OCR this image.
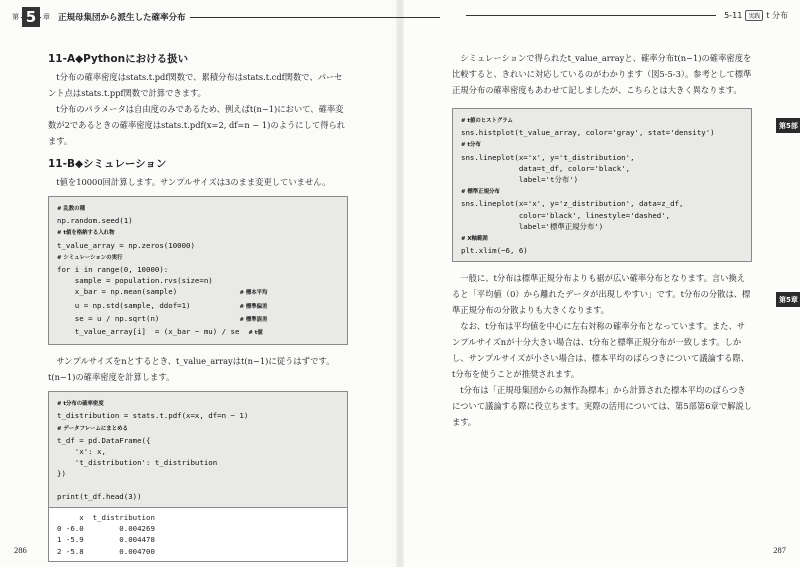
第 5 章 正規母集団から派生した確率分布	5-11	実践 t 分布
11-A◆Pythonにおける扱い

t分布の確率密度はstats.t.pdf関数で、累積分布はstats.t.cdf関数で、パーセント点はstats.t.ppf関数で計算できます。

t分布のパラメータは自由度のみであるため、例えばt(n−1)において、確率変数が2であるときの確率密度はstats.t.pdf(x=2, df=n − 1)のようにして得られます。

11-B◆シミュレーション

t値を10000回計算します。サンプルサイズは3のまま変更していません。

# 乱数の種
np.random.seed(1)
# t値を格納する入れ物
t_value_array = np.zeros(10000)
# シミュレーションの実行
for i in range(0, 10000):
sample = population.rvs(size=n)
x_bar = np.mean(sample)              # 標本平均
u = np.std(sample, ddof=1)           # 標準偏差
se = u / np.sqrt(n)                  # 標準誤差
t_value_array[i]  = (x_bar − mu) / se  # t値

サンプルサイズをnとするとき、t_value_arrayはt(n−1)に従うはずです。t(n−1)の確率密度を計算します。

# t分布の確率密度
t_distribution = stats.t.pdf(x=x, df=n − 1)
# データフレームにまとめる
t_df = pd.DataFrame({
'x': x,
't_distribution': t_distribution
})

print(t_df.head(3))
x  t_distribution
0 -6.0        0.004269
1 -5.9        0.004478
2 -5.8        0.004700

シミュレーションで得られたt_value_arrayと、確率分布t(n−1)の確率密度を比較すると、きれいに対応しているのがわかります（図5-5-3）。参考として標準正規分布の確率密度もあわせて記しましたが、こちらとは大きく異なります。

# t値のヒストグラム
sns.histplot(t_value_array, color='gray', stat='density')
# t分布
sns.lineplot(x='x', y='t_distribution',
data=t_df, color='black',
label='t分布')
# 標準正規分布
sns.lineplot(x='x', y='z_distribution', data=z_df,
color='black', linestyle='dashed',
label='標準正規分布')
# X軸範囲
plt.xlim(−6, 6)

一般に、t分布は標準正規分布よりも裾が広い確率分布となります。言い換えると「平均値（0）から離れたデータが出現しやすい」です。t分布の分散は、標準正規分布の分散よりも大きくなります。

なお、t分布は平均値を中心に左右対称の確率分布となっています。また、サンプルサイズnが十分大きい場合は、t分布と標準正規分布が一致します。しかし、サンプルサイズが小さい場合は、標本平均のばらつきについて議論する際、t分布を使うことが推奨されます。

t分布は「正規母集団からの無作為標本」から計算された標本平均のばらつきについて議論する際に役立ちます。実際の活用については、第5部第6章で解説します。

第5部
第5章
286	287
